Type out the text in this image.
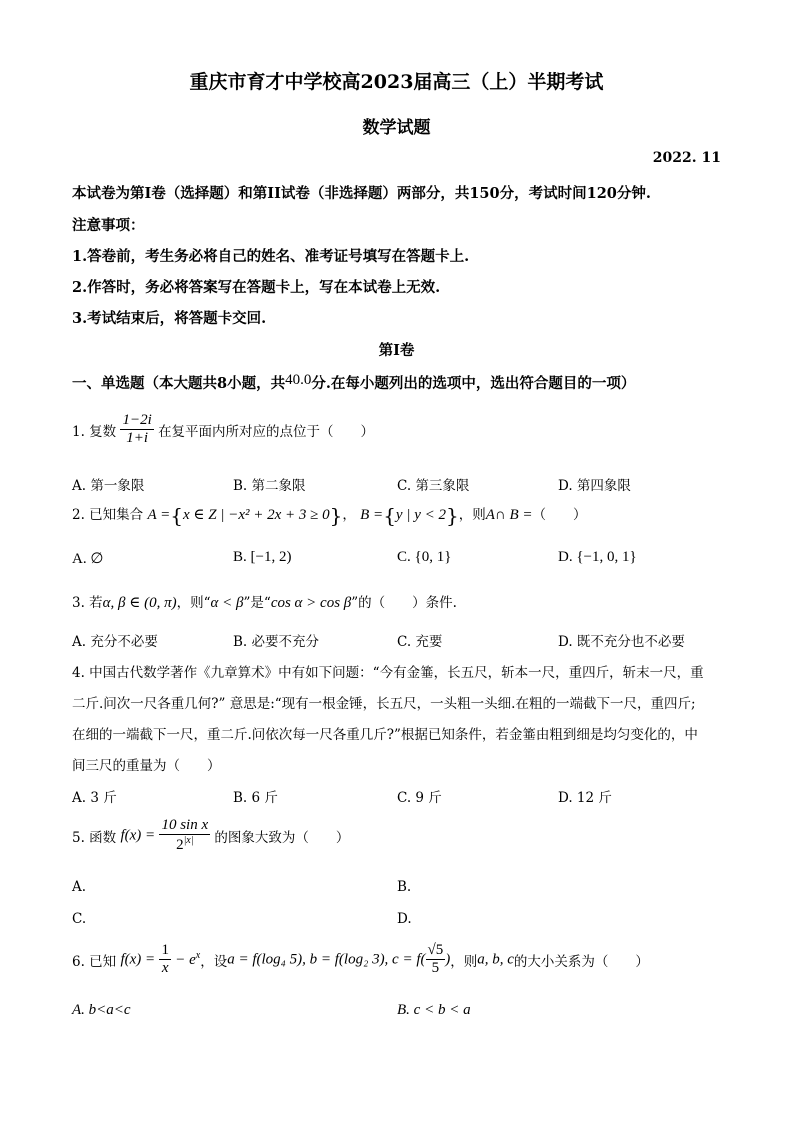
重庆市育才中学校高2023届高三（上）半期考试
数学试题
2022. 11
本试卷为第I卷（选择题）和第II试卷（非选择题）两部分，共150分，考试时间120分钟.
注意事项：
1.答卷前，考生务必将自己的姓名、准考证号填写在答题卡上.
2.作答时，务必将答案写在答题卡上，写在本试卷上无效.
3.考试结束后，将答题卡交回.
第I卷
一、单选题（本大题共8小题，共40.0分.在每小题列出的选项中，选出符合题目的一项）
1. 复数 $\frac{1-2i}{1+i}$ 在复平面内所对应的点位于（　　）
A. 第一象限	B. 第二象限	C. 第三象限	D. 第四象限
2. 已知集合 A ={x ∈ Z | −x² + 2x + 3 ≥ 0}， B ={y | y < 2}，则A∩ B =（　　）
A. ∅	B. [−1, 2)	C. {0, 1}	D. {−1, 0, 1}
3. 若α, β ∈ (0, π)，则“α < β”是“cos α > cos β”的（　　）条件.
A. 充分不必要	B. 必要不充分	C. 充要	D. 既不充分也不必要
4. 中国古代数学著作《九章算术》中有如下问题：“今有金箠，长五尺，斩本一尺，重四斤，斩末一尺，重
二斤.问次一尺各重几何?” 意思是:“现有一根金锤，长五尺，一头粗一头细.在粗的一端截下一尺，重四斤;
在细的一端截下一尺，重二斤.问依次每一尺各重几斤?”根据已知条件，若金箠由粗到细是均匀变化的，中
间三尺的重量为（　　）
A. 3 斤	B. 6 斤	C. 9 斤	D. 12 斤
5. 函数 $f(x) = \frac{\text{10 sin x}}{2^{|x|}}$ 的图象大致为（　　）
A.	B.
C.	D.
6. 已知 $f(x) = \frac{1}{x} - e^x$，设a = f(log₄ 5), b = f(log₂ 3), $c = f( \frac{√5}{5}$ )，则a, b, c的大小关系为（　　）
A. b<a<c	B. c < b < a
